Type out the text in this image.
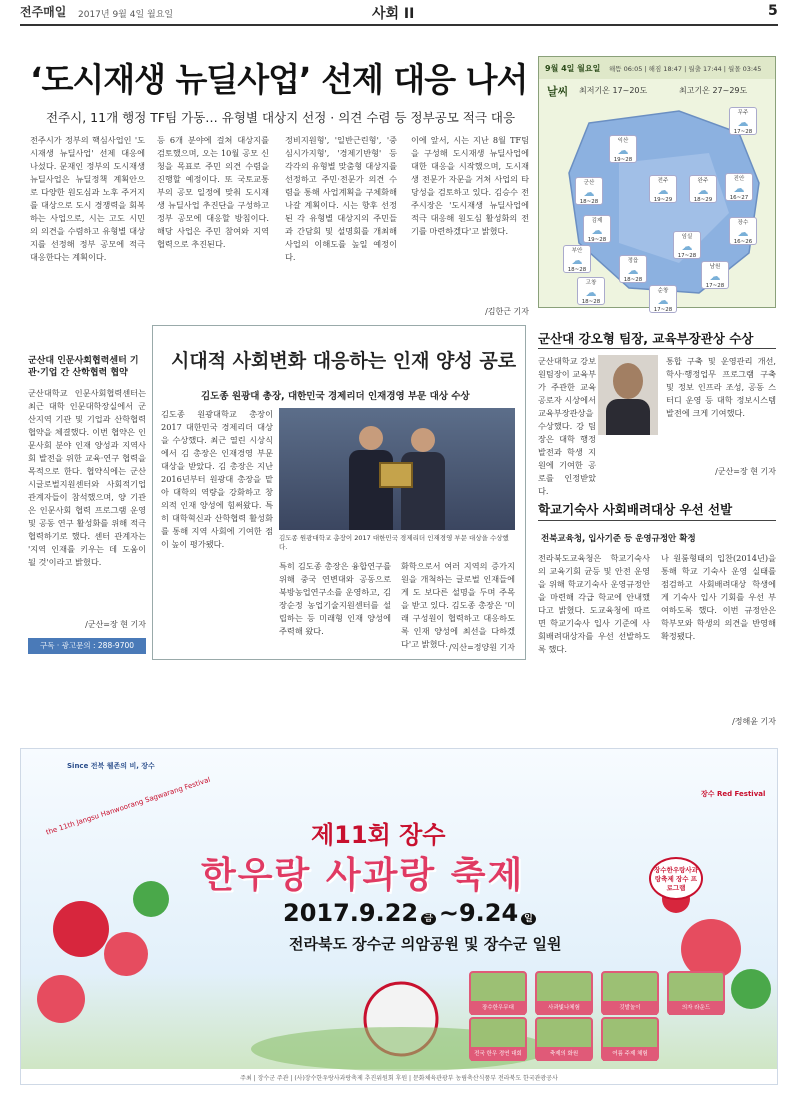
전주매일 2017년 9월 4일 월요일	사회 II	5
‘도시재생 뉴딜사업’ 선제 대응 나서
전주시, 11개 행정 TF팀 가동… 유형별 대상지 선정 · 의견 수렴 등 정부공모 적극 대응
전주시가 정부의 핵심사업인 '도시재생 뉴딜사업' 선제 대응에 나섰다. 문재인 정부의 도시재생 뉴딜사업은 뉴딜정책 계획안으로 다양한 원도심과 노후 주거지를 대상으로 도시 경쟁력을 회복하는 사업으로, 시는 고도 시민의 의견을 수렴하고 유형별 대상지를 선정해 정부 공모에 적극 대응한다는 계획이다.
등 6개 분야에 걸쳐 대상지를 검토했으며, 오는 10월 공모 신청을 목표로 주민 의견 수렴을 진행할 예정이다. 또 국토교통부의 공모 일정에 맞춰 도시재생 뉴딜사업 추진단을 구성하고 정부 공모에 대응할 방침이다. 해당 사업은 주민 참여와 지역 협력으로 추진된다.
정비지원형', '일반근린형', '중심시가지형', '경제기반형' 등 각각의 유형별 맞춤형 대상지를 선정하고 주민·전문가 의견 수렴을 통해 사업계획을 구체화해 나갈 계획이다. 시는 향후 선정된 각 유형별 대상지의 주민들과 간담회 및 설명회를 개최해 사업의 이해도를 높일 예정이다.
이에 앞서, 시는 지난 8월 TF팀을 구성해 도시재생 뉴딜사업에 대한 대응을 시작했으며, 도시재생 전문가 자문을 거쳐 사업의 타당성을 검토하고 있다. 김승수 전주시장은 '도시재생 뉴딜사업에 적극 대응해 원도심 활성화의 전기를 마련하겠다'고 밝혔다.
/김한근 기자
9월 4일 월요일 해뜸 06:05 | 해짐 18:47 | 월출 17:44 | 월몰 03:45
날씨 최저기온 17~20도	최고기온 27~29도
무주
☁
17~28
익산
☁
19~28
군산
☁
18~28
전주
☁
19~29
완주
☁
18~29
진안
☁
16~27
김제
☁
19~28
장수
☁
16~26
부안
☁
18~28
정읍
☁
18~28
임실
☁
17~28
남원
☁
17~28
고창
☁
18~28
순창
☁
17~28
군산대 인문사회협력센터 기관·기업 간 산학협력 협약
군산대학교 인문사회협력센터는 최근 대학 인문대학장실에서 군산지역 기관 및 기업과 산학협력 협약을 체결했다. 이번 협약은 인문사회 분야 인재 양성과 지역사회 발전을 위한 교육·연구 협력을 목적으로 한다. 협약식에는 군산시글로벌지원센터와 사회적기업 관계자들이 참석했으며, 양 기관은 인문사회 협력 프로그램 운영 및 공동 연구 활성화를 위해 적극 협력하기로 했다. 센터 관계자는 '지역 인재를 키우는 데 도움이 될 것'이라고 밝혔다.
/군산=장 현 기자
구독 · 광고문의 : 288-9700
군산대 강오형 팀장, 교육부장관상 수상
군산대학교 강보원팀장이 교육부가 주관한 교육공로자 시상에서 교육부장관상을 수상했다. 강 팀장은 대학 행정 발전과 학생 지원에 기여한 공로를 인정받았다.
통합 구축 및 운영관리 개선, 학사·행정업무 프로그램 구축 및 정보 인프라 조성, 공동 스터디 운영 등 대학 정보시스템 발전에 크게 기여했다.
/군산=장 현 기자
학교기숙사 사회배려대상 우선 선발
전북교육청, 입사기준 등 운영규정안 확정
전라북도교육청은 학교기숙사의 교육기회 균등 및 안전 운영을 위해 학교기숙사 운영규정안을 마련해 각급 학교에 안내했다고 밝혔다. 도교육청에 따르면 학교기숙사 입사 기준에 사회배려대상자를 우선 선발하도록 했다.
나 원룸형태의 입찬(2014년)을 통해 학교 기숙사 운영 실태를 점검하고 사회배려대상 학생에게 기숙사 입사 기회를 우선 부여하도록 했다. 이번 규정안은 학부모와 학생의 의견을 반영해 확정됐다.
/정해윤 기자
시대적 사회변화 대응하는 인재 양성 공로
김도종 원광대 총장, 대한민국 경제리더 인재경영 부문 대상 수상
김도종 원광대학교 총장이 2017 대한민국 경제리더 대상을 수상했다. 최근 열린 시상식에서 김 총장은 인재경영 부문 대상을 받았다. 김 총장은 지난 2016년부터 원광대 총장을 맡아 대학의 역량을 강화하고 창의적 인재 양성에 힘써왔다. 특히 대학혁신과 산학협력 활성화를 통해 지역 사회에 기여한 점이 높이 평가됐다.
김도종 원광대학교 총장이 2017 대한민국 경제리더 인재경영 부문 대상을 수상했다.
특히 김도종 총장은 융합연구를 위해 중국 연변대와 공동으로 북방농업연구소를 운영하고, 김장순정 농업기술지원센터를 설립하는 등 미래형 인재 양성에 주력해 왔다.
화학으로서 여러 지역의 증가지원을 개척하는 글로벌 인재들에게 도 보다른 설명을 두며 주목을 받고 있다. 김도종 총장은 '미래 구성원이 협력하고 대응하도록 인재 양성에 최선을 다하겠다'고 밝혔다. /익산=정양원 기자
Since 전북 웰존의 비, 장수
장수 Red Festival
제11회 장수
한우랑 사과랑 축제
the 11th Jangsu Hanwoorang Sagwarang Festival
2017.9.22 금 ~9.24 일
전라북도 장수군 의암공원 및 장수군 일원
장수한우랑사과랑축제 장수 프로그램
장수한우무대	사과빛나체험	깃발놀이	의자 라운드
전국 한우 경연 대회	축제의 화원	여름 주제 체험
주최 | 장수군 주관 | (사)장수한우랑사과랑축제 추진위원회 후원 | 문화체육관광부 농림축산식품부 전라북도 한국관광공사
